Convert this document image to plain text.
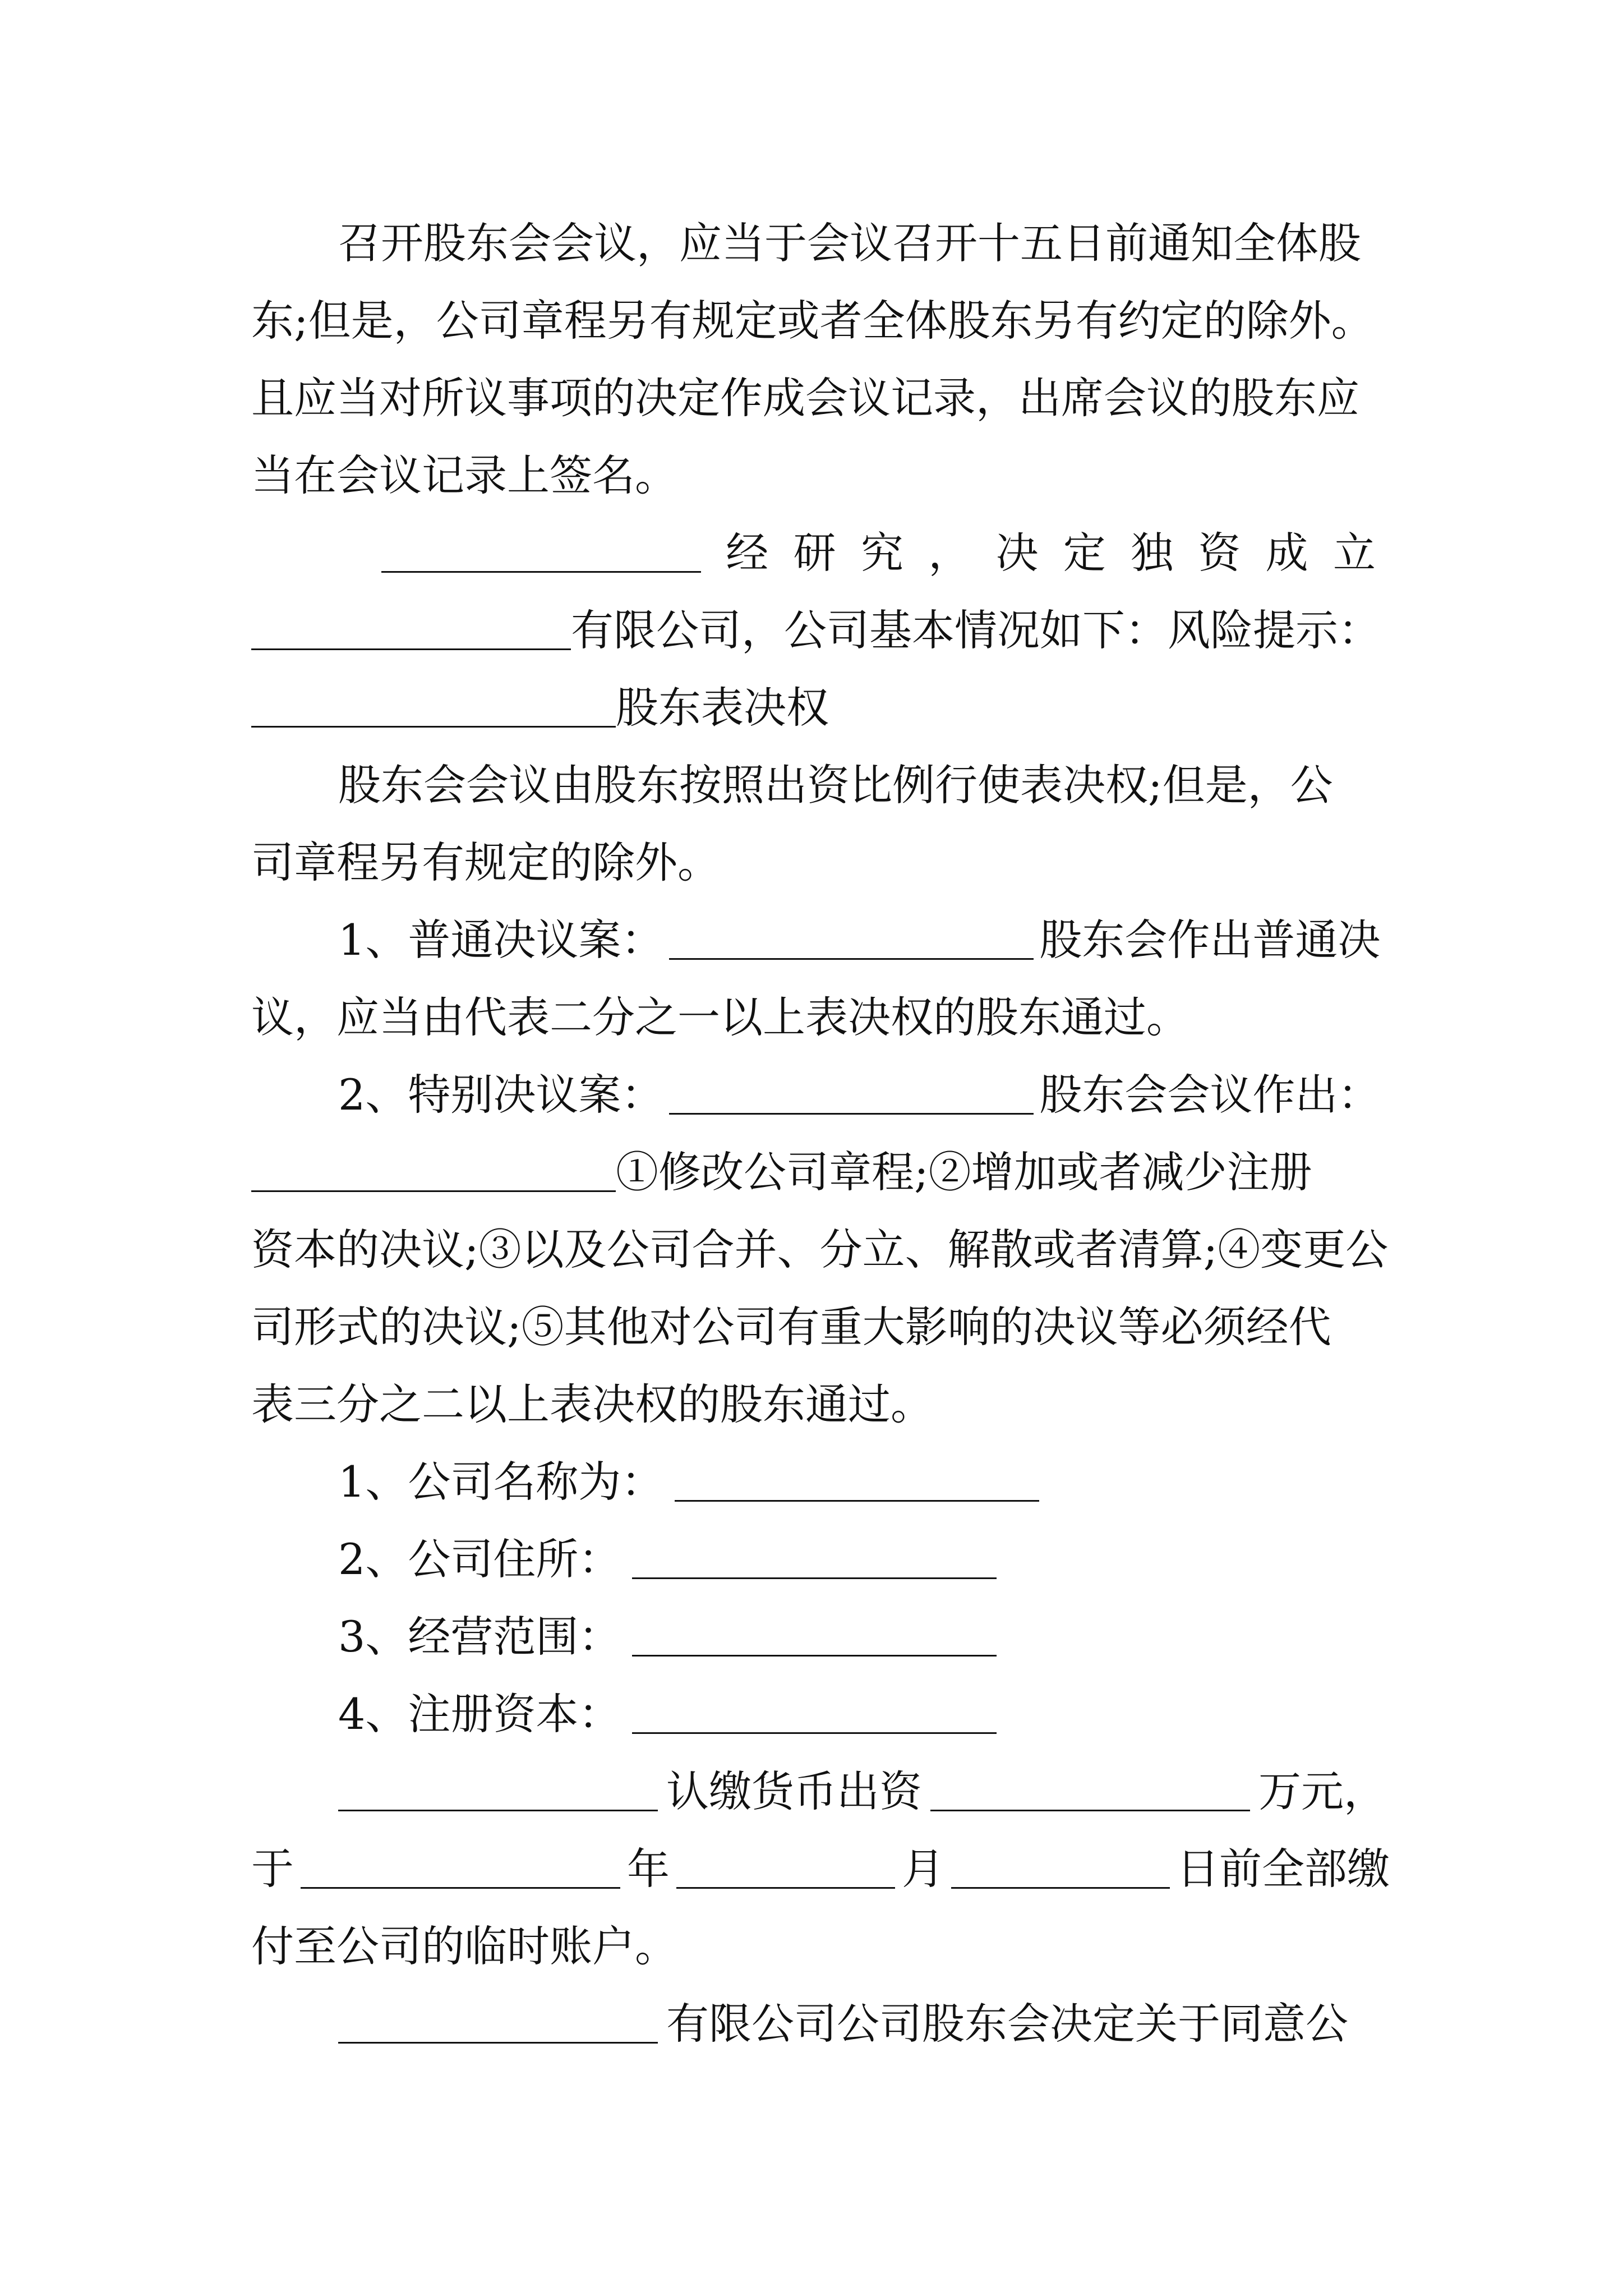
召开股东会会议，应当于会议召开十五日前通知全体股
东;但是，公司章程另有规定或者全体股东另有约定的除外。
且应当对所议事项的决定作成会议记录，出席会议的股东应
当在会议记录上签名。
经 研 究 ， 决 定 独 资 成 立
有限公司，公司基本情况如下：风险提示：
股东表决权
股东会会议由股东按照出资比例行使表决权;但是，公
司章程另有规定的除外。
1、普通决议案：	股东会作出普通决
议，应当由代表二分之一以上表决权的股东通过。
2、特别决议案：	股东会会议作出：
①修改公司章程;②增加或者减少注册
资本的决议;③以及公司合并、分立、解散或者清算;④变更公
司形式的决议;⑤其他对公司有重大影响的决议等必须经代
表三分之二以上表决权的股东通过。
1、公司名称为：
2、公司住所：
3、经营范围：
4、注册资本：
认缴货币出资	万元，
于	年	月	日前全部缴
付至公司的临时账户。
有限公司公司股东会决定关于同意公
